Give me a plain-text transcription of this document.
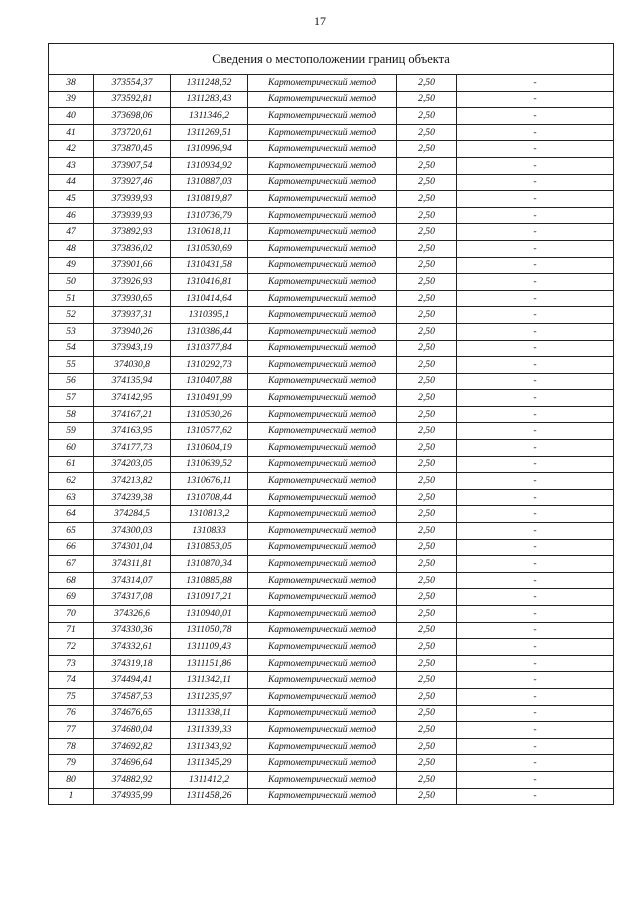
17
Сведения о местоположении границ объекта					
38	373554,37	1311248,52	Картометрический метод	2,50	-
39	373592,81	1311283,43	Картометрический метод	2,50	-
40	373698,06	1311346,2	Картометрический метод	2,50	-
41	373720,61	1311269,51	Картометрический метод	2,50	-
42	373870,45	1310996,94	Картометрический метод	2,50	-
43	373907,54	1310934,92	Картометрический метод	2,50	-
44	373927,46	1310887,03	Картометрический метод	2,50	-
45	373939,93	1310819,87	Картометрический метод	2,50	-
46	373939,93	1310736,79	Картометрический метод	2,50	-
47	373892,93	1310618,11	Картометрический метод	2,50	-
48	373836,02	1310530,69	Картометрический метод	2,50	-
49	373901,66	1310431,58	Картометрический метод	2,50	-
50	373926,93	1310416,81	Картометрический метод	2,50	-
51	373930,65	1310414,64	Картометрический метод	2,50	-
52	373937,31	1310395,1	Картометрический метод	2,50	-
53	373940,26	1310386,44	Картометрический метод	2,50	-
54	373943,19	1310377,84	Картометрический метод	2,50	-
55	374030,8	1310292,73	Картометрический метод	2,50	-
56	374135,94	1310407,88	Картометрический метод	2,50	-
57	374142,95	1310491,99	Картометрический метод	2,50	-
58	374167,21	1310530,26	Картометрический метод	2,50	-
59	374163,95	1310577,62	Картометрический метод	2,50	-
60	374177,73	1310604,19	Картометрический метод	2,50	-
61	374203,05	1310639,52	Картометрический метод	2,50	-
62	374213,82	1310676,11	Картометрический метод	2,50	-
63	374239,38	1310708,44	Картометрический метод	2,50	-
64	374284,5	1310813,2	Картометрический метод	2,50	-
65	374300,03	1310833	Картометрический метод	2,50	-
66	374301,04	1310853,05	Картометрический метод	2,50	-
67	374311,81	1310870,34	Картометрический метод	2,50	-
68	374314,07	1310885,88	Картометрический метод	2,50	-
69	374317,08	1310917,21	Картометрический метод	2,50	-
70	374326,6	1310940,01	Картометрический метод	2,50	-
71	374330,36	1311050,78	Картометрический метод	2,50	-
72	374332,61	1311109,43	Картометрический метод	2,50	-
73	374319,18	1311151,86	Картометрический метод	2,50	-
74	374494,41	1311342,11	Картометрический метод	2,50	-
75	374587,53	1311235,97	Картометрический метод	2,50	-
76	374676,65	1311338,11	Картометрический метод	2,50	-
77	374680,04	1311339,33	Картометрический метод	2,50	-
78	374692,82	1311343,92	Картометрический метод	2,50	-
79	374696,64	1311345,29	Картометрический метод	2,50	-
80	374882,92	1311412,2	Картометрический метод	2,50	-
1	374935,99	1311458,26	Картометрический метод	2,50	-
